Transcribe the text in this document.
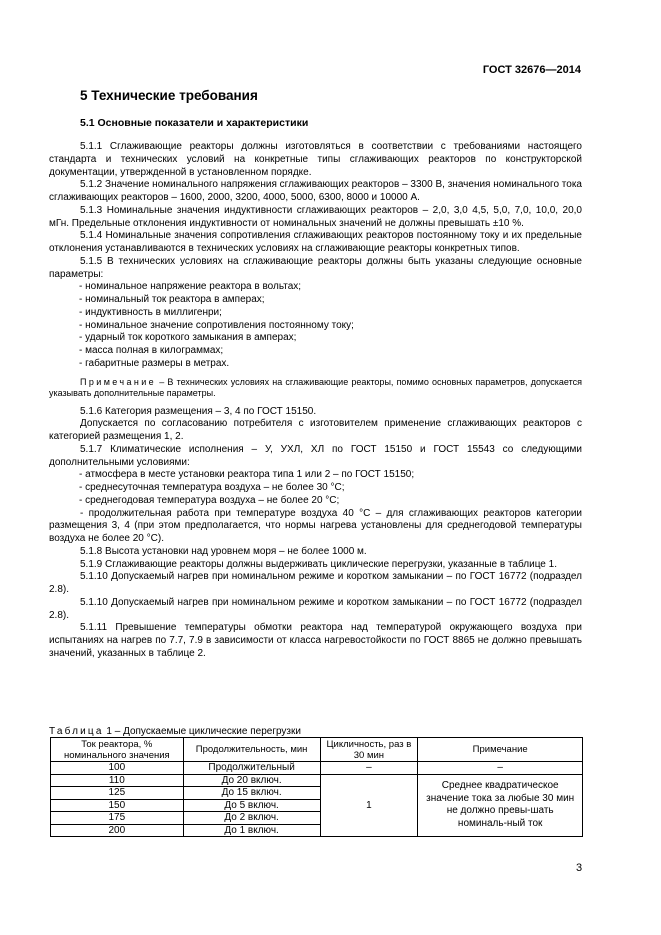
ГОСТ 32676—2014
5 Технические требования
5.1 Основные показатели и характеристики

5.1.1 Сглаживающие реакторы должны изготовляться в соответствии с требованиями настоящего стандарта и технических условий на конкретные типы сглаживающих реакторов по конструкторской документации, утвержденной в установленном порядке.

5.1.2 Значение номинального напряжения сглаживающих реакторов – 3300 В, значения номинального тока сглаживающих реакторов – 1600, 2000, 3200, 4000, 5000, 6300, 8000 и 10000 А.

5.1.3 Номинальные значения индуктивности сглаживающих реакторов – 2,0, 3,0 4,5, 5,0, 7,0, 10,0, 20,0 мГн. Предельные отклонения индуктивности от номинальных значений не должны превышать ±10 %.

5.1.4 Номинальные значения сопротивления сглаживающих реакторов постоянному току и их предельные отклонения устанавливаются в технических условиях на сглаживающие реакторы конкретных типов.

5.1.5 В технических условиях на сглаживающие реакторы должны быть указаны следующие основные параметры:

- номинальное напряжение реактора в вольтах;

- номинальный ток реактора в амперах;

- индуктивность в миллигенри;

- номинальное значение сопротивления постоянному току;

- ударный ток короткого замыкания в амперах;

- масса полная в килограммах;

- габаритные размеры в метрах.

Примечание – В технических условиях на сглаживающие реакторы, помимо основных параметров, допускается указывать дополнительные параметры.

5.1.6 Категория размещения – 3, 4 по ГОСТ 15150.

Допускается по согласованию потребителя с изготовителем применение сглаживающих реакторов с категорией размещения 1, 2.

5.1.7 Климатические исполнения – У, УХЛ, ХЛ по ГОСТ 15150 и ГОСТ 15543 со следующими дополнительными условиями:

- атмосфера в месте установки реактора типа 1 или 2 – по ГОСТ 15150;

- среднесуточная температура воздуха – не более 30 °С;

- среднегодовая температура воздуха – не более 20 °С;

- продолжительная работа при температуре воздуха 40 °С – для сглаживающих реакторов категории размещения 3, 4 (при этом предполагается, что нормы нагрева установлены для среднегодовой температуры воздуха не более 20 °С).

5.1.8 Высота установки над уровнем моря – не более 1000 м.

5.1.9 Сглаживающие реакторы должны выдерживать циклические перегрузки, указанные в таблице 1.

5.1.10 Допускаемый нагрев при номинальном режиме и коротком замыкании – по ГОСТ 16772 (подраздел 2.8).

5.1.10 Допускаемый нагрев при номинальном режиме и коротком замыкании – по ГОСТ 16772 (подраздел 2.8).

5.1.11 Превышение температуры обмотки реактора над температурой окружающего воздуха при испытаниях на нагрев по 7.7, 7.9 в зависимости от класса нагревостойкости по ГОСТ 8865 не должно превышать значений, указанных в таблице 2.

Таблица 1 – Допускаемые циклические перегрузки
Ток реактора, % номинального значения	Продолжительность, мин	Цикличность, раз в 30 мин	Примечание
100	Продолжительный	–	–
110	До 20 включ.	1	Среднее квадратическое значение тока за любые 30 мин не должно превы-шать номиналь-ный ток
125	До 15 включ.		
150	До 5 включ.		
175	До 2 включ.		
200	До 1 включ.		
3
